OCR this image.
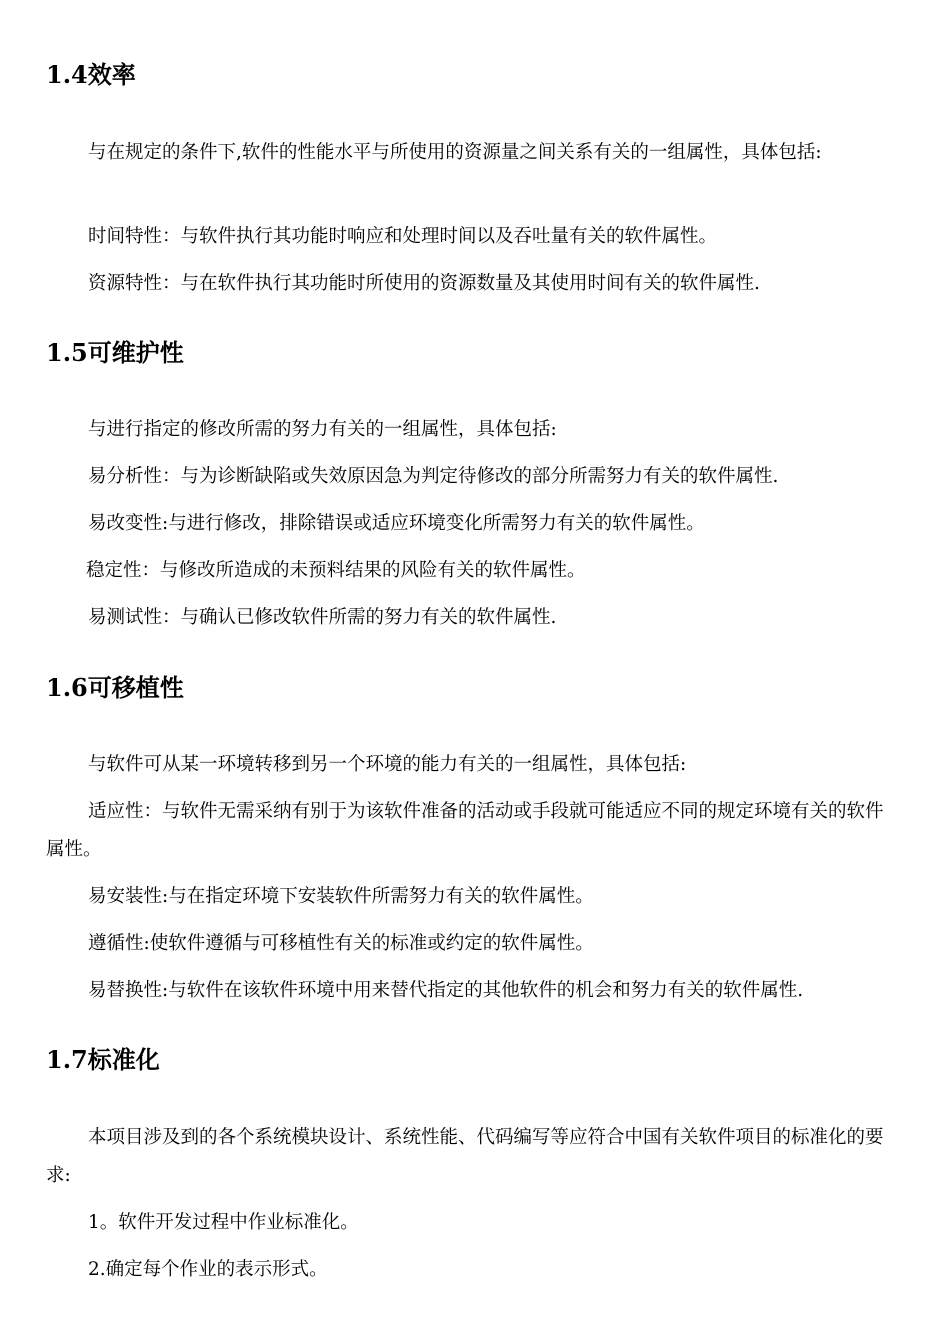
1.4效率

与在规定的条件下,软件的性能水平与所使用的资源量之间关系有关的一组属性，具体包括:

时间特性：与软件执行其功能时响应和处理时间以及吞吐量有关的软件属性。

资源特性：与在软件执行其功能时所使用的资源数量及其使用时间有关的软件属性.

1.5可维护性

与进行指定的修改所需的努力有关的一组属性，具体包括:

易分析性：与为诊断缺陷或失效原因急为判定待修改的部分所需努力有关的软件属性.

易改变性:与进行修改，排除错误或适应环境变化所需努力有关的软件属性。

稳定性：与修改所造成的未预料结果的风险有关的软件属性。

易测试性：与确认已修改软件所需的努力有关的软件属性.

1.6可移植性

与软件可从某一环境转移到另一个环境的能力有关的一组属性，具体包括:

适应性：与软件无需采纳有别于为该软件准备的活动或手段就可能适应不同的规定环境有关的软件属性。

易安装性:与在指定环境下安装软件所需努力有关的软件属性。

遵循性:使软件遵循与可移植性有关的标准或约定的软件属性。

易替换性:与软件在该软件环境中用来替代指定的其他软件的机会和努力有关的软件属性.

1.7标准化

本项目涉及到的各个系统模块设计、系统性能、代码编写等应符合中国有关软件项目的标准化的要求:

1。软件开发过程中作业标准化。

2.确定每个作业的表示形式。
